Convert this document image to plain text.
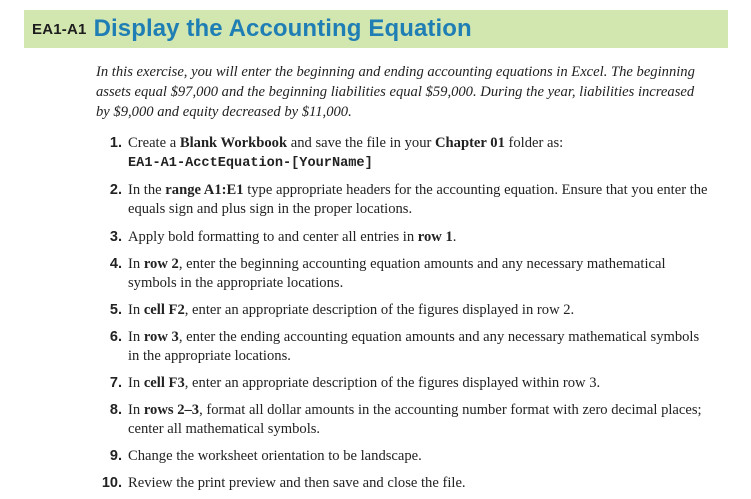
EA1-A1 Display the Accounting Equation
In this exercise, you will enter the beginning and ending accounting equations in Excel. The beginning assets equal $97,000 and the beginning liabilities equal $59,000. During the year, liabilities increased by $9,000 and equity decreased by $11,000.
1. Create a Blank Workbook and save the file in your Chapter 01 folder as:
EA1-A1-AcctEquation-[YourName]
2. In the range A1:E1 type appropriate headers for the accounting equation. Ensure that you enter the equals sign and plus sign in the proper locations.
3. Apply bold formatting to and center all entries in row 1.
4. In row 2, enter the beginning accounting equation amounts and any necessary mathematical symbols in the appropriate locations.
5. In cell F2, enter an appropriate description of the figures displayed in row 2.
6. In row 3, enter the ending accounting equation amounts and any necessary mathematical symbols in the appropriate locations.
7. In cell F3, enter an appropriate description of the figures displayed within row 3.
8. In rows 2–3, format all dollar amounts in the accounting number format with zero decimal places; center all mathematical symbols.
9. Change the worksheet orientation to be landscape.
10. Review the print preview and then save and close the file.
